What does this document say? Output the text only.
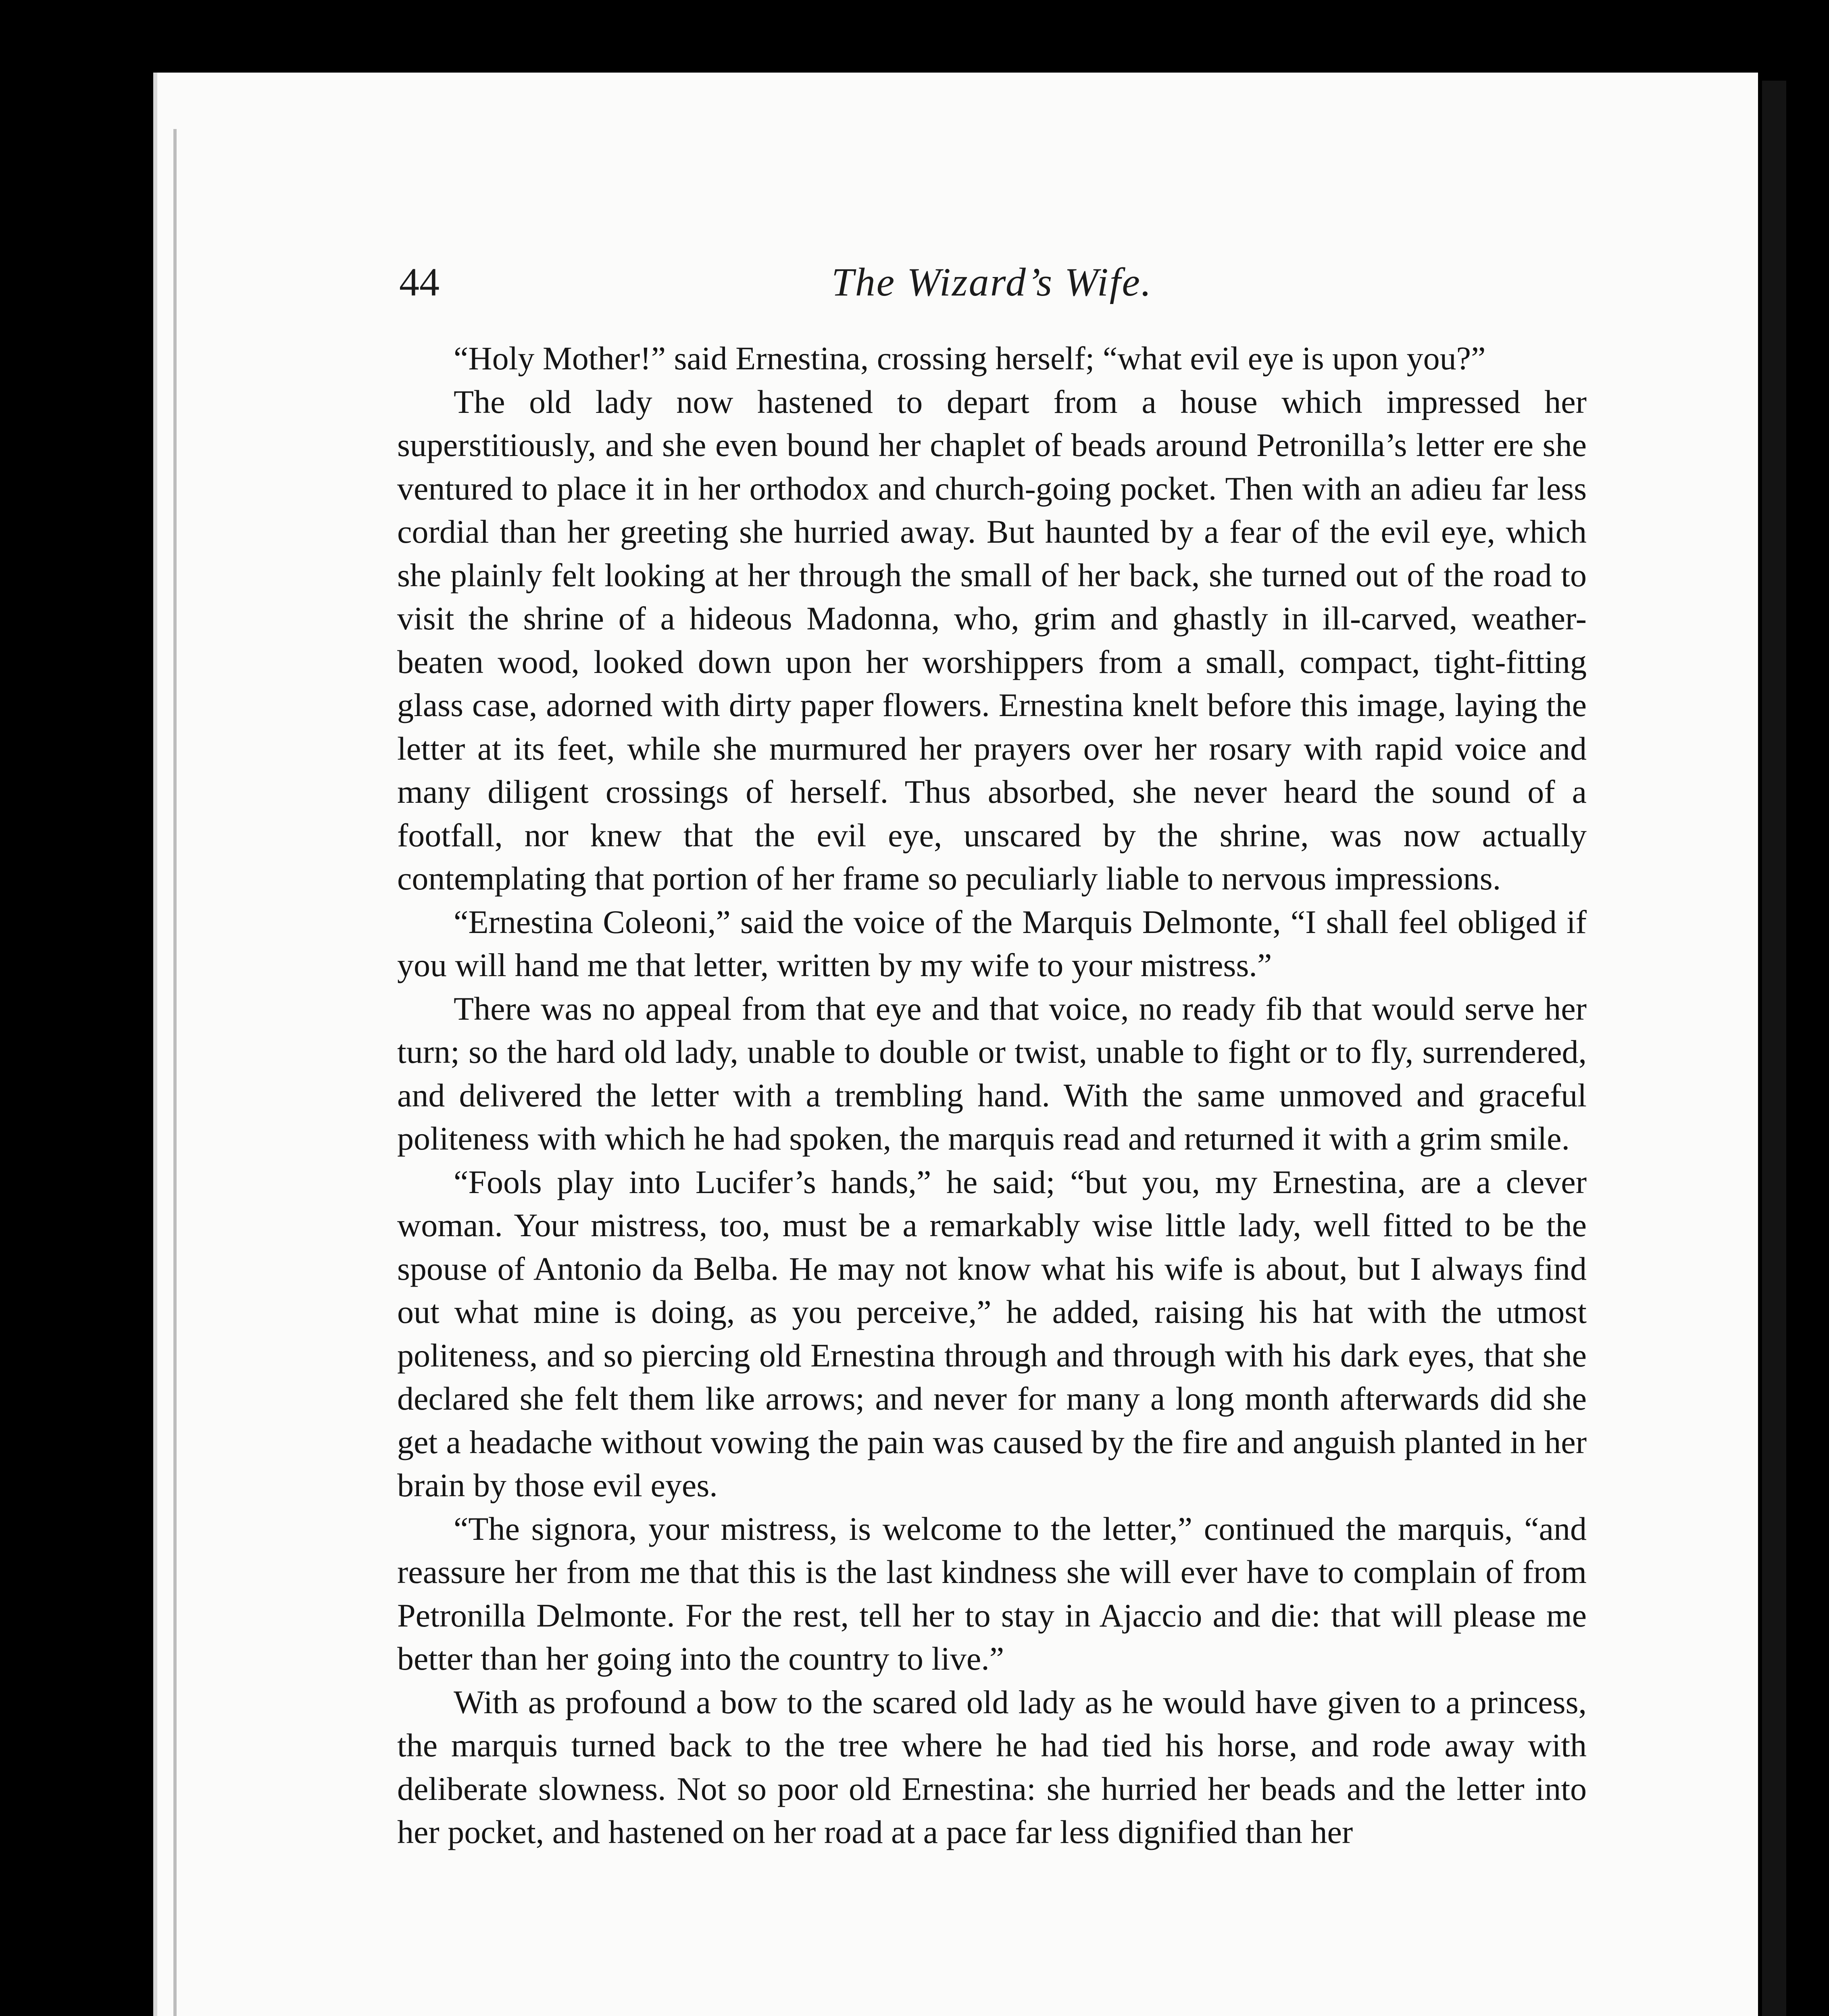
44	The Wizard’s Wife.

“Holy Mother!” said Ernestina, crossing herself; “what evil eye is upon you?”

The old lady now hastened to depart from a house which impressed her superstitiously, and she even bound her chaplet of beads around Petronilla’s letter ere she ventured to place it in her orthodox and church-going pocket. Then with an adieu far less cordial than her greeting she hurried away. But haunted by a fear of the evil eye, which she plainly felt looking at her through the small of her back, she turned out of the road to visit the shrine of a hideous Madonna, who, grim and ghastly in ill-carved, weather-beaten wood, looked down upon her worshippers from a small, compact, tight-fitting glass case, adorned with dirty paper flowers. Ernestina knelt before this image, laying the letter at its feet, while she murmured her prayers over her rosary with rapid voice and many diligent crossings of herself. Thus absorbed, she never heard the sound of a footfall, nor knew that the evil eye, unscared by the shrine, was now actually contemplating that portion of her frame so peculiarly liable to nervous impressions.

“Ernestina Coleoni,” said the voice of the Marquis Delmonte, “I shall feel obliged if you will hand me that letter, written by my wife to your mistress.”

There was no appeal from that eye and that voice, no ready fib that would serve her turn; so the hard old lady, unable to double or twist, unable to fight or to fly, surrendered, and delivered the letter with a trembling hand. With the same unmoved and graceful politeness with which he had spoken, the marquis read and returned it with a grim smile.

“Fools play into Lucifer’s hands,” he said; “but you, my Ernestina, are a clever woman. Your mistress, too, must be a remarkably wise little lady, well fitted to be the spouse of Antonio da Belba. He may not know what his wife is about, but I always find out what mine is doing, as you perceive,” he added, raising his hat with the utmost politeness, and so piercing old Ernestina through and through with his dark eyes, that she declared she felt them like arrows; and never for many a long month afterwards did she get a headache without vowing the pain was caused by the fire and anguish planted in her brain by those evil eyes.

“The signora, your mistress, is welcome to the letter,” continued the marquis, “and reassure her from me that this is the last kindness she will ever have to complain of from Petronilla Delmonte. For the rest, tell her to stay in Ajaccio and die: that will please me better than her going into the country to live.”

With as profound a bow to the scared old lady as he would have given to a princess, the marquis turned back to the tree where he had tied his horse, and rode away with deliberate slowness. Not so poor old Ernestina: she hurried her beads and the letter into her pocket, and hastened on her road at a pace far less dignified than her
